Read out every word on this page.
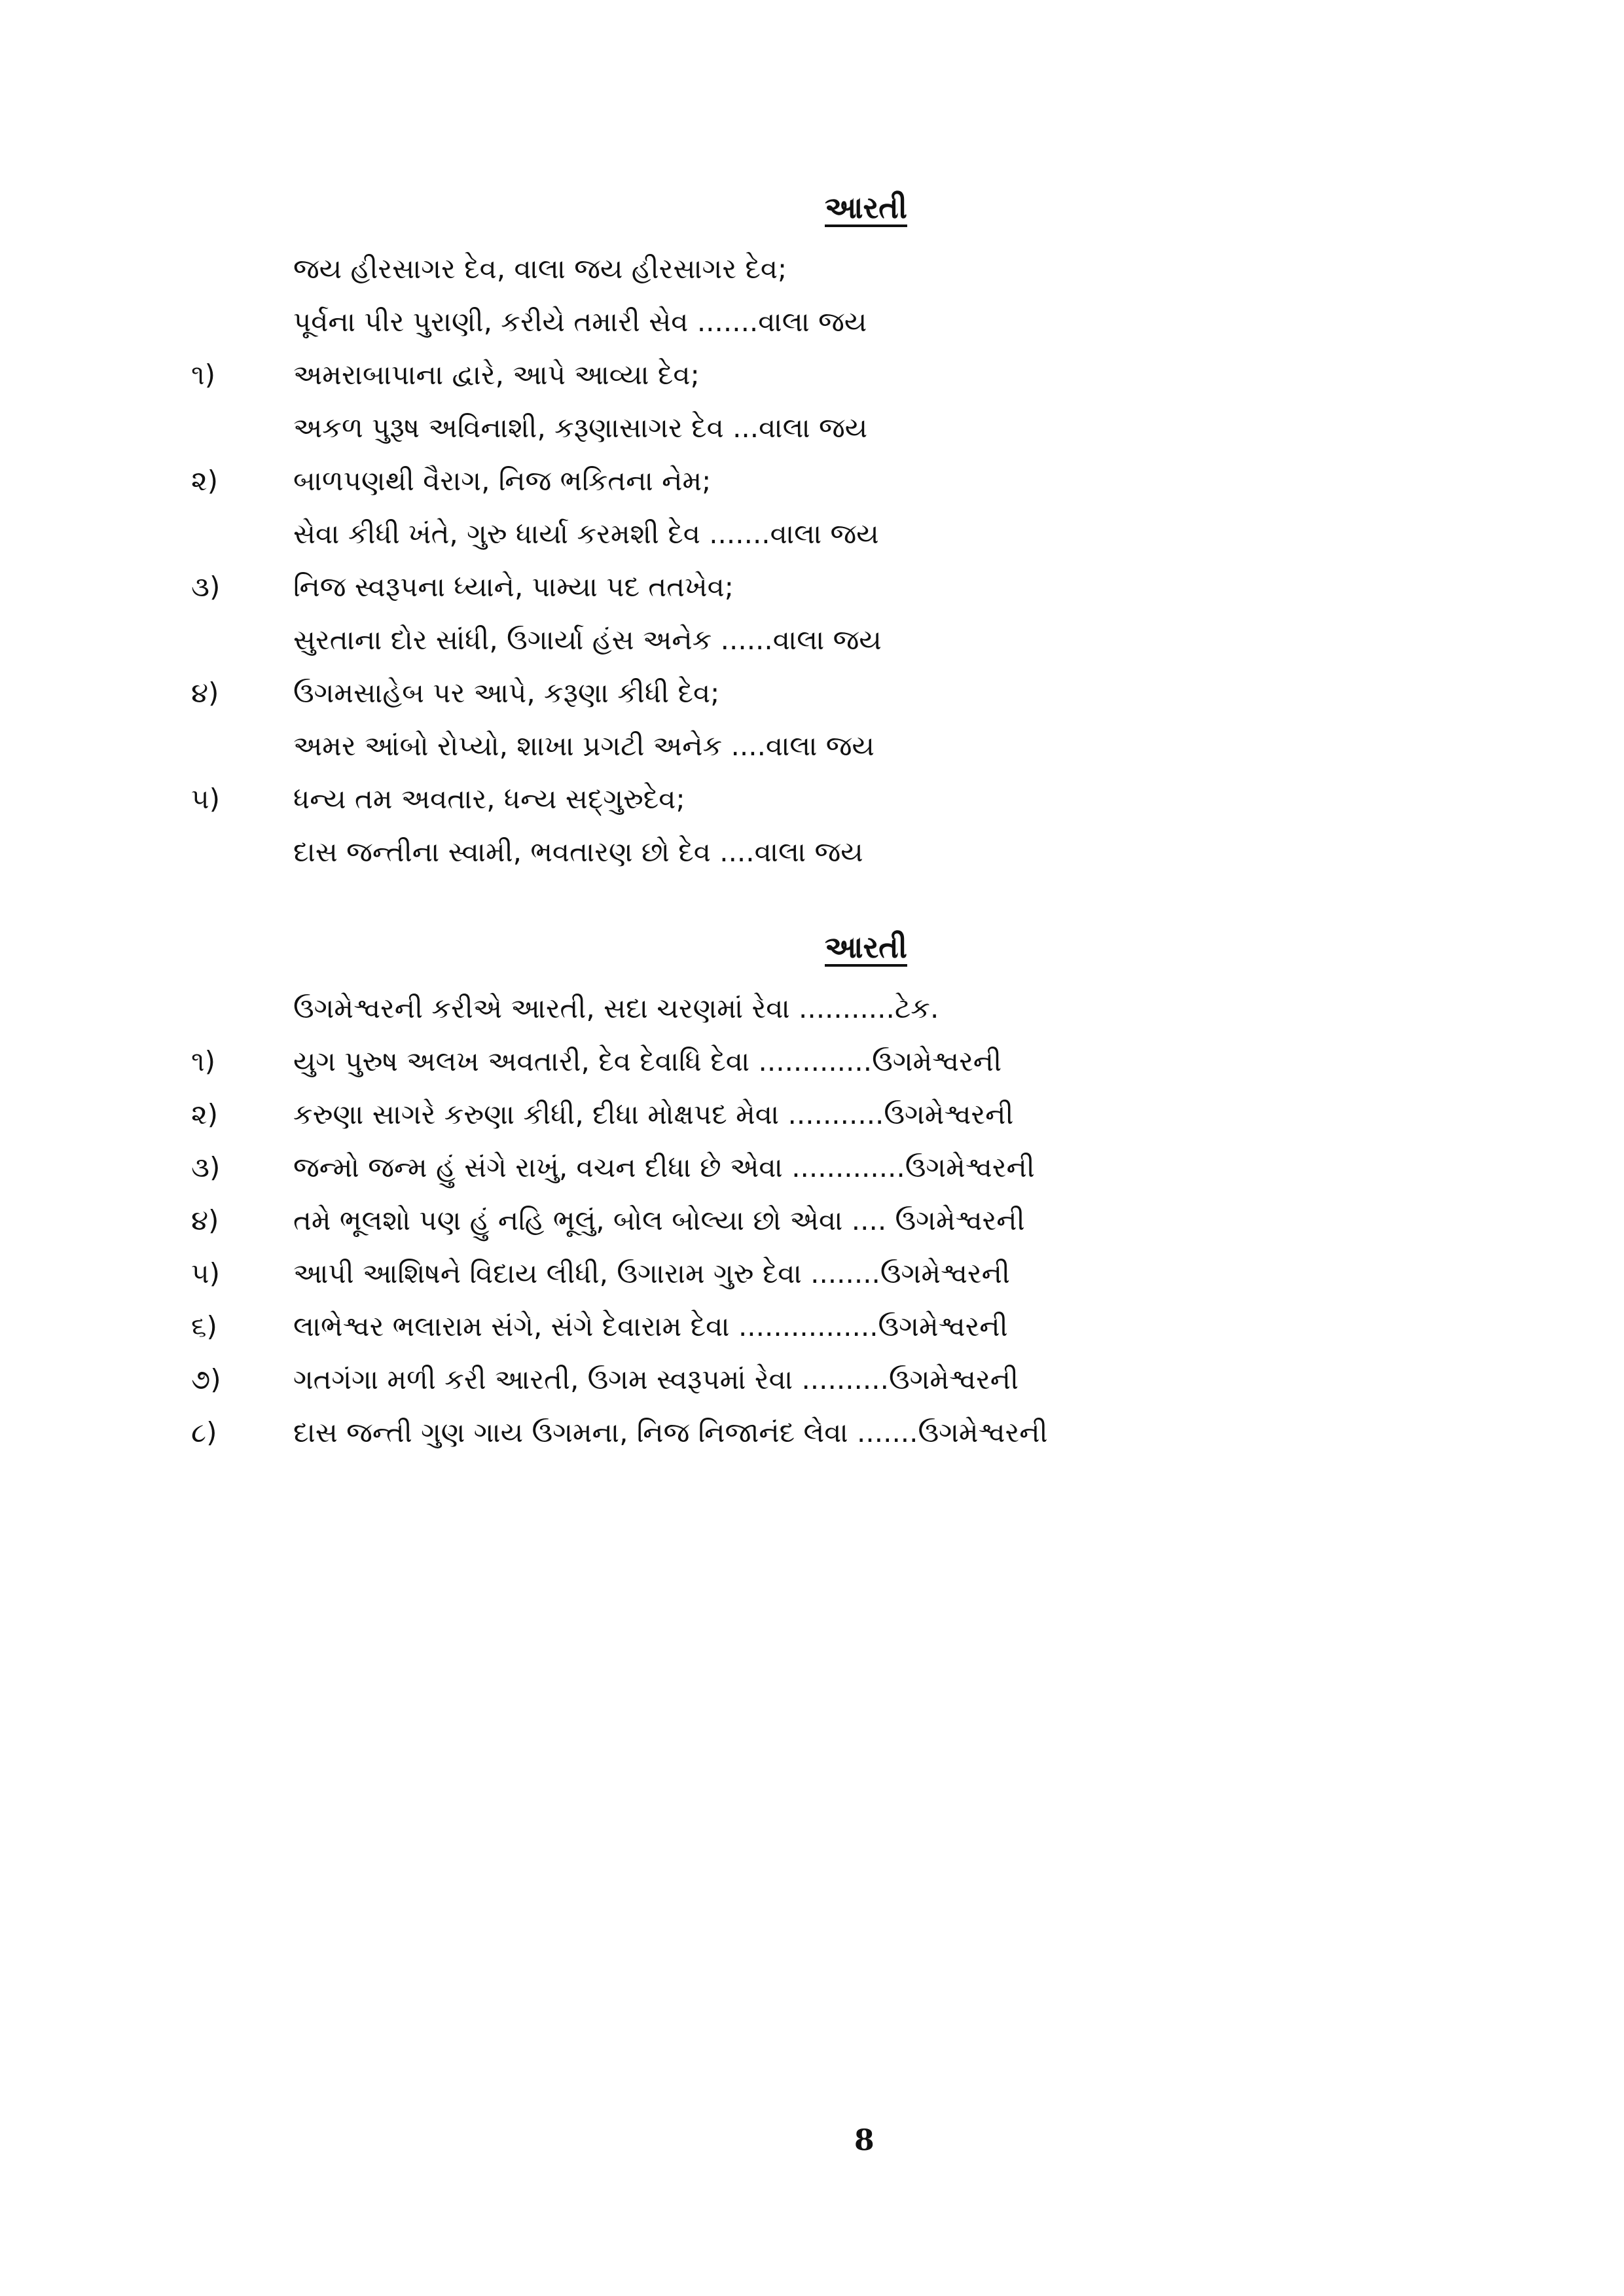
આરતી
જય હીરસાગર દેવ, વાલા જય હીરસાગર દેવ;
પૂર્વના પીર પુરાણી, કરીયે તમારી સેવ .......વાલા જય
૧)	અમરાબાપાના દ્વારે, આપે આવ્યા દેવ;
અકળ પુરૂષ અવિનાશી, કરૂણાસાગર દેવ ...વાલા જય
૨)	બાળપણથી વૈરાગ, નિજ ભકિતના નેમ;
સેવા કીધી ખંતે, ગુરુ ધાર્યા કરમશી દેવ .......વાલા જય
૩)	નિજ સ્વરૂપના ધ્યાને, પામ્યા પદ તતખેવ;
સુરતાના દોર સાંધી, ઉગાર્યા હંસ અનેક ......વાલા જય
૪)	ઉગમસાહેબ પર આપે, કરૂણા કીધી દેવ;
અમર આંબો રોપ્યો, શાખા પ્રગટી અનેક ....વાલા જય
૫)	ધન્ય તમ અવતાર, ધન્ય સદ્‌ગુરુદેવ;
દાસ જન્તીના સ્વામી, ભવતારણ છો દેવ ....વાલા જય
આરતી
ઉગમેશ્વરની કરીએ આરતી, સદા ચરણમાં રેવા ...........ટેક.
૧)	યુગ પુરુષ અલખ અવતારી, દેવ દેવાધિ દેવા .............ઉગમેશ્વરની
૨)	કરુણા સાગરે કરુણા કીધી, દીધા મોક્ષપદ મેવા ...........ઉગમેશ્વરની
૩)	જન્મો જન્મ હું સંગે રાખું, વચન દીધા છે એવા .............ઉગમેશ્વરની
૪)	તમે ભૂલશો પણ હું નહિ ભૂલું, બોલ બોલ્યા છો એવા .... ઉગમેશ્વરની
૫)	આપી આશિષને વિદાય લીધી, ઉગારામ ગુરુ દેવા ........ઉગમેશ્વરની
૬)	લાભેશ્વર ભલારામ સંગે, સંગે દેવારામ દેવા ................ઉગમેશ્વરની
૭)	ગતગંગા મળી કરી આરતી, ઉગમ સ્વરૂપમાં રેવા ..........ઉગમેશ્વરની
૮)	દાસ જન્તી ગુણ ગાય ઉગમના, નિજ નિજાનંદ લેવા .......ઉગમેશ્વરની
8
